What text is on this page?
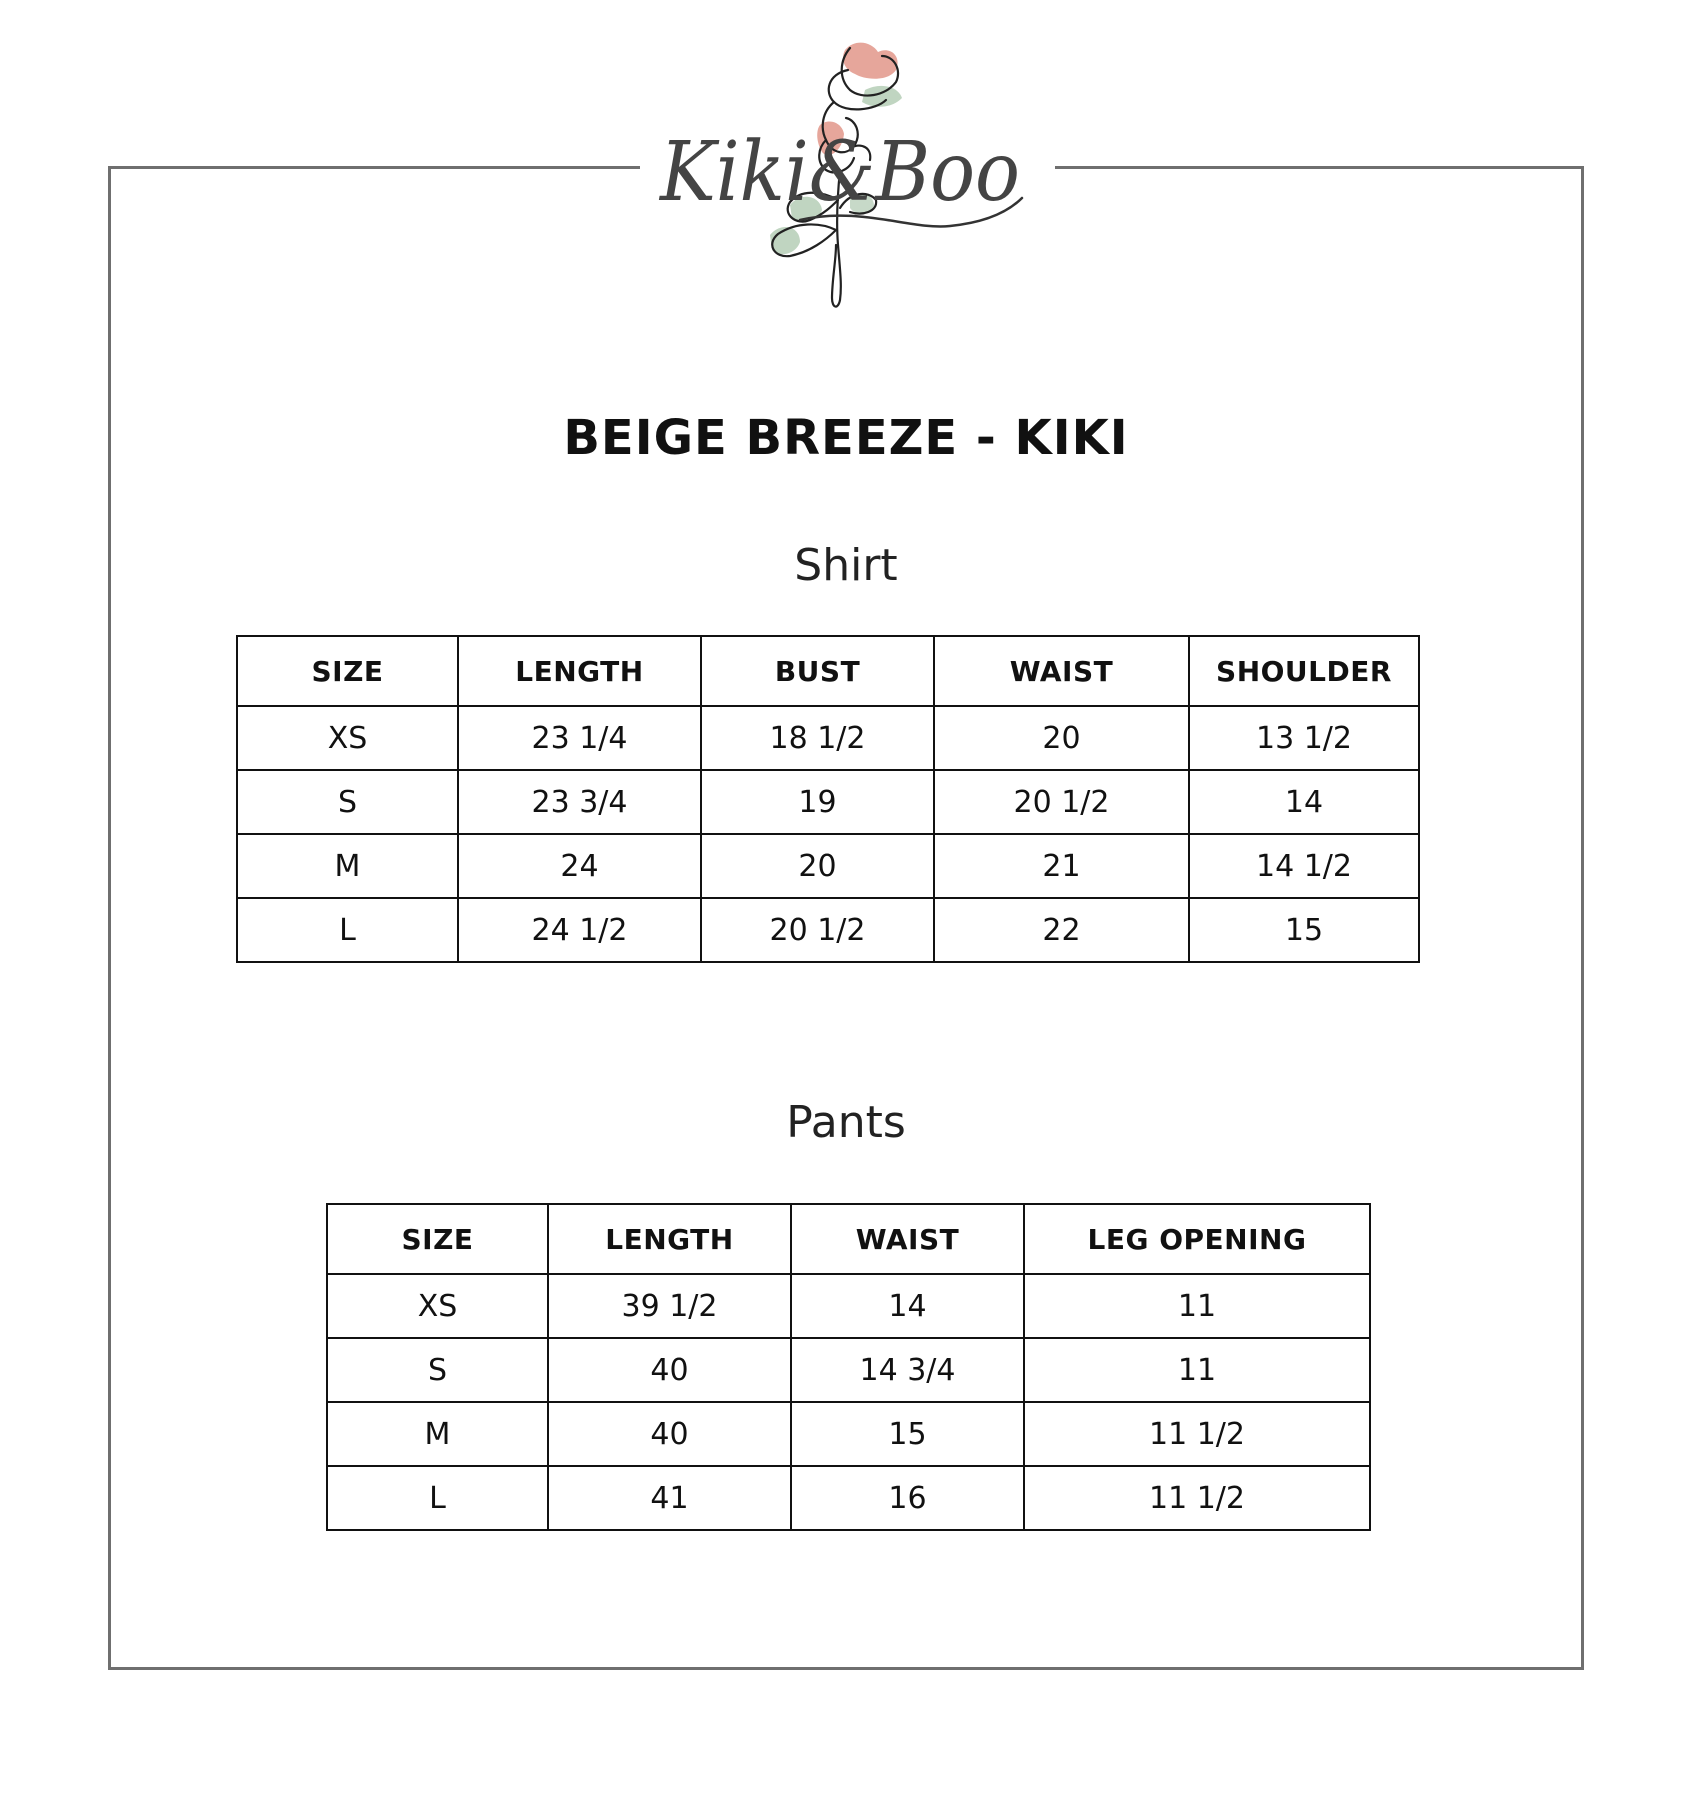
Kiki&Boo
BEIGE BREEZE - KIKI
Shirt
SIZE	LENGTH	BUST	WAIST	SHOULDER
XS	23 1/4	18 1/2	20	13 1/2
S	23 3/4	19	20 1/2	14
M	24	20	21	14 1/2
L	24 1/2	20 1/2	22	15
Pants
SIZE	LENGTH	WAIST	LEG OPENING
XS	39 1/2	14	11
S	40	14 3/4	11
M	40	15	11 1/2
L	41	16	11 1/2
